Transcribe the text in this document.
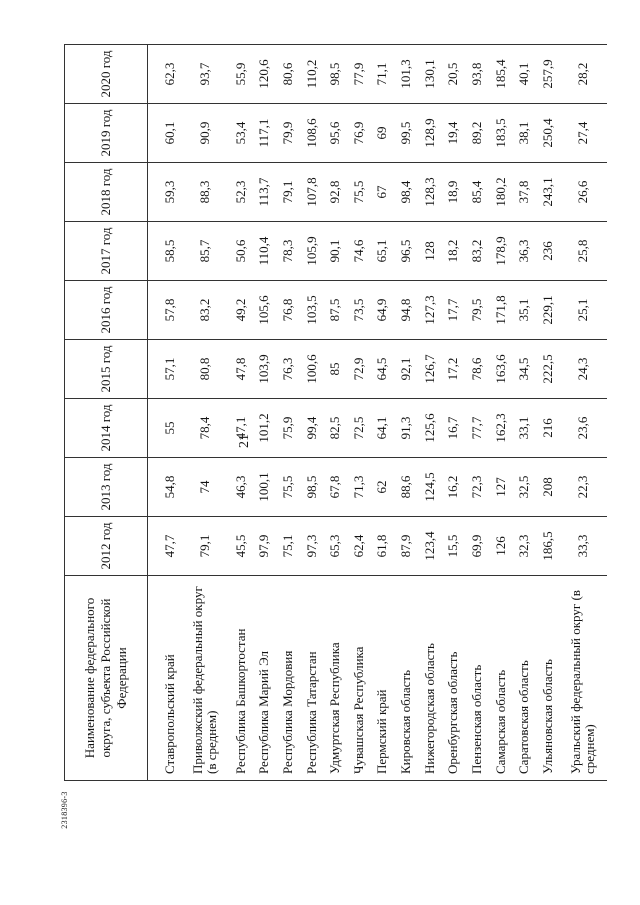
21
Наименование федерального округа, субъекта Российской Федерации	2012 год	2013 год	2014 год	2015 год	2016 год	2017 год	2018 год	2019 год	2020 год

Ставропольский край	47,7	54,8	55	57,1	57,8	58,5	59,3	60,1	62,3
Приволжский федеральный округ (в среднем)	79,1	74	78,4	80,8	83,2	85,7	88,3	90,9	93,7
Республика Башкортостан	45,5	46,3	47,1	47,8	49,2	50,6	52,3	53,4	55,9
Республика Марий Эл	97,9	100,1	101,2	103,9	105,6	110,4	113,7	117,1	120,6
Республика Мордовия	75,1	75,5	75,9	76,3	76,8	78,3	79,1	79,9	80,6
Республика Татарстан	97,3	98,5	99,4	100,6	103,5	105,9	107,8	108,6	110,2
Удмуртская Республика	65,3	67,8	82,5	85	87,5	90,1	92,8	95,6	98,5
Чувашская Республика	62,4	71,3	72,5	72,9	73,5	74,6	75,5	76,9	77,9
Пермский край	61,8	62	64,1	64,5	64,9	65,1	67	69	71,1
Кировская область	87,9	88,6	91,3	92,1	94,8	96,5	98,4	99,5	101,3
Нижегородская область	123,4	124,5	125,6	126,7	127,3	128	128,3	128,9	130,1
Оренбургская область	15,5	16,2	16,7	17,2	17,7	18,2	18,9	19,4	20,5
Пензенская область	69,9	72,3	77,7	78,6	79,5	83,2	85,4	89,2	93,8
Самарская область	126	127	162,3	163,6	171,8	178,9	180,2	183,5	185,4
Саратовская область	32,3	32,5	33,1	34,5	35,1	36,3	37,8	38,1	40,1
Ульяновская область	186,5	208	216	222,5	229,1	236	243,1	250,4	257,9
Уральский федеральный округ (в среднем)	33,3	22,3	23,6	24,3	25,1	25,8	26,6	27,4	28,2
2318396-3
